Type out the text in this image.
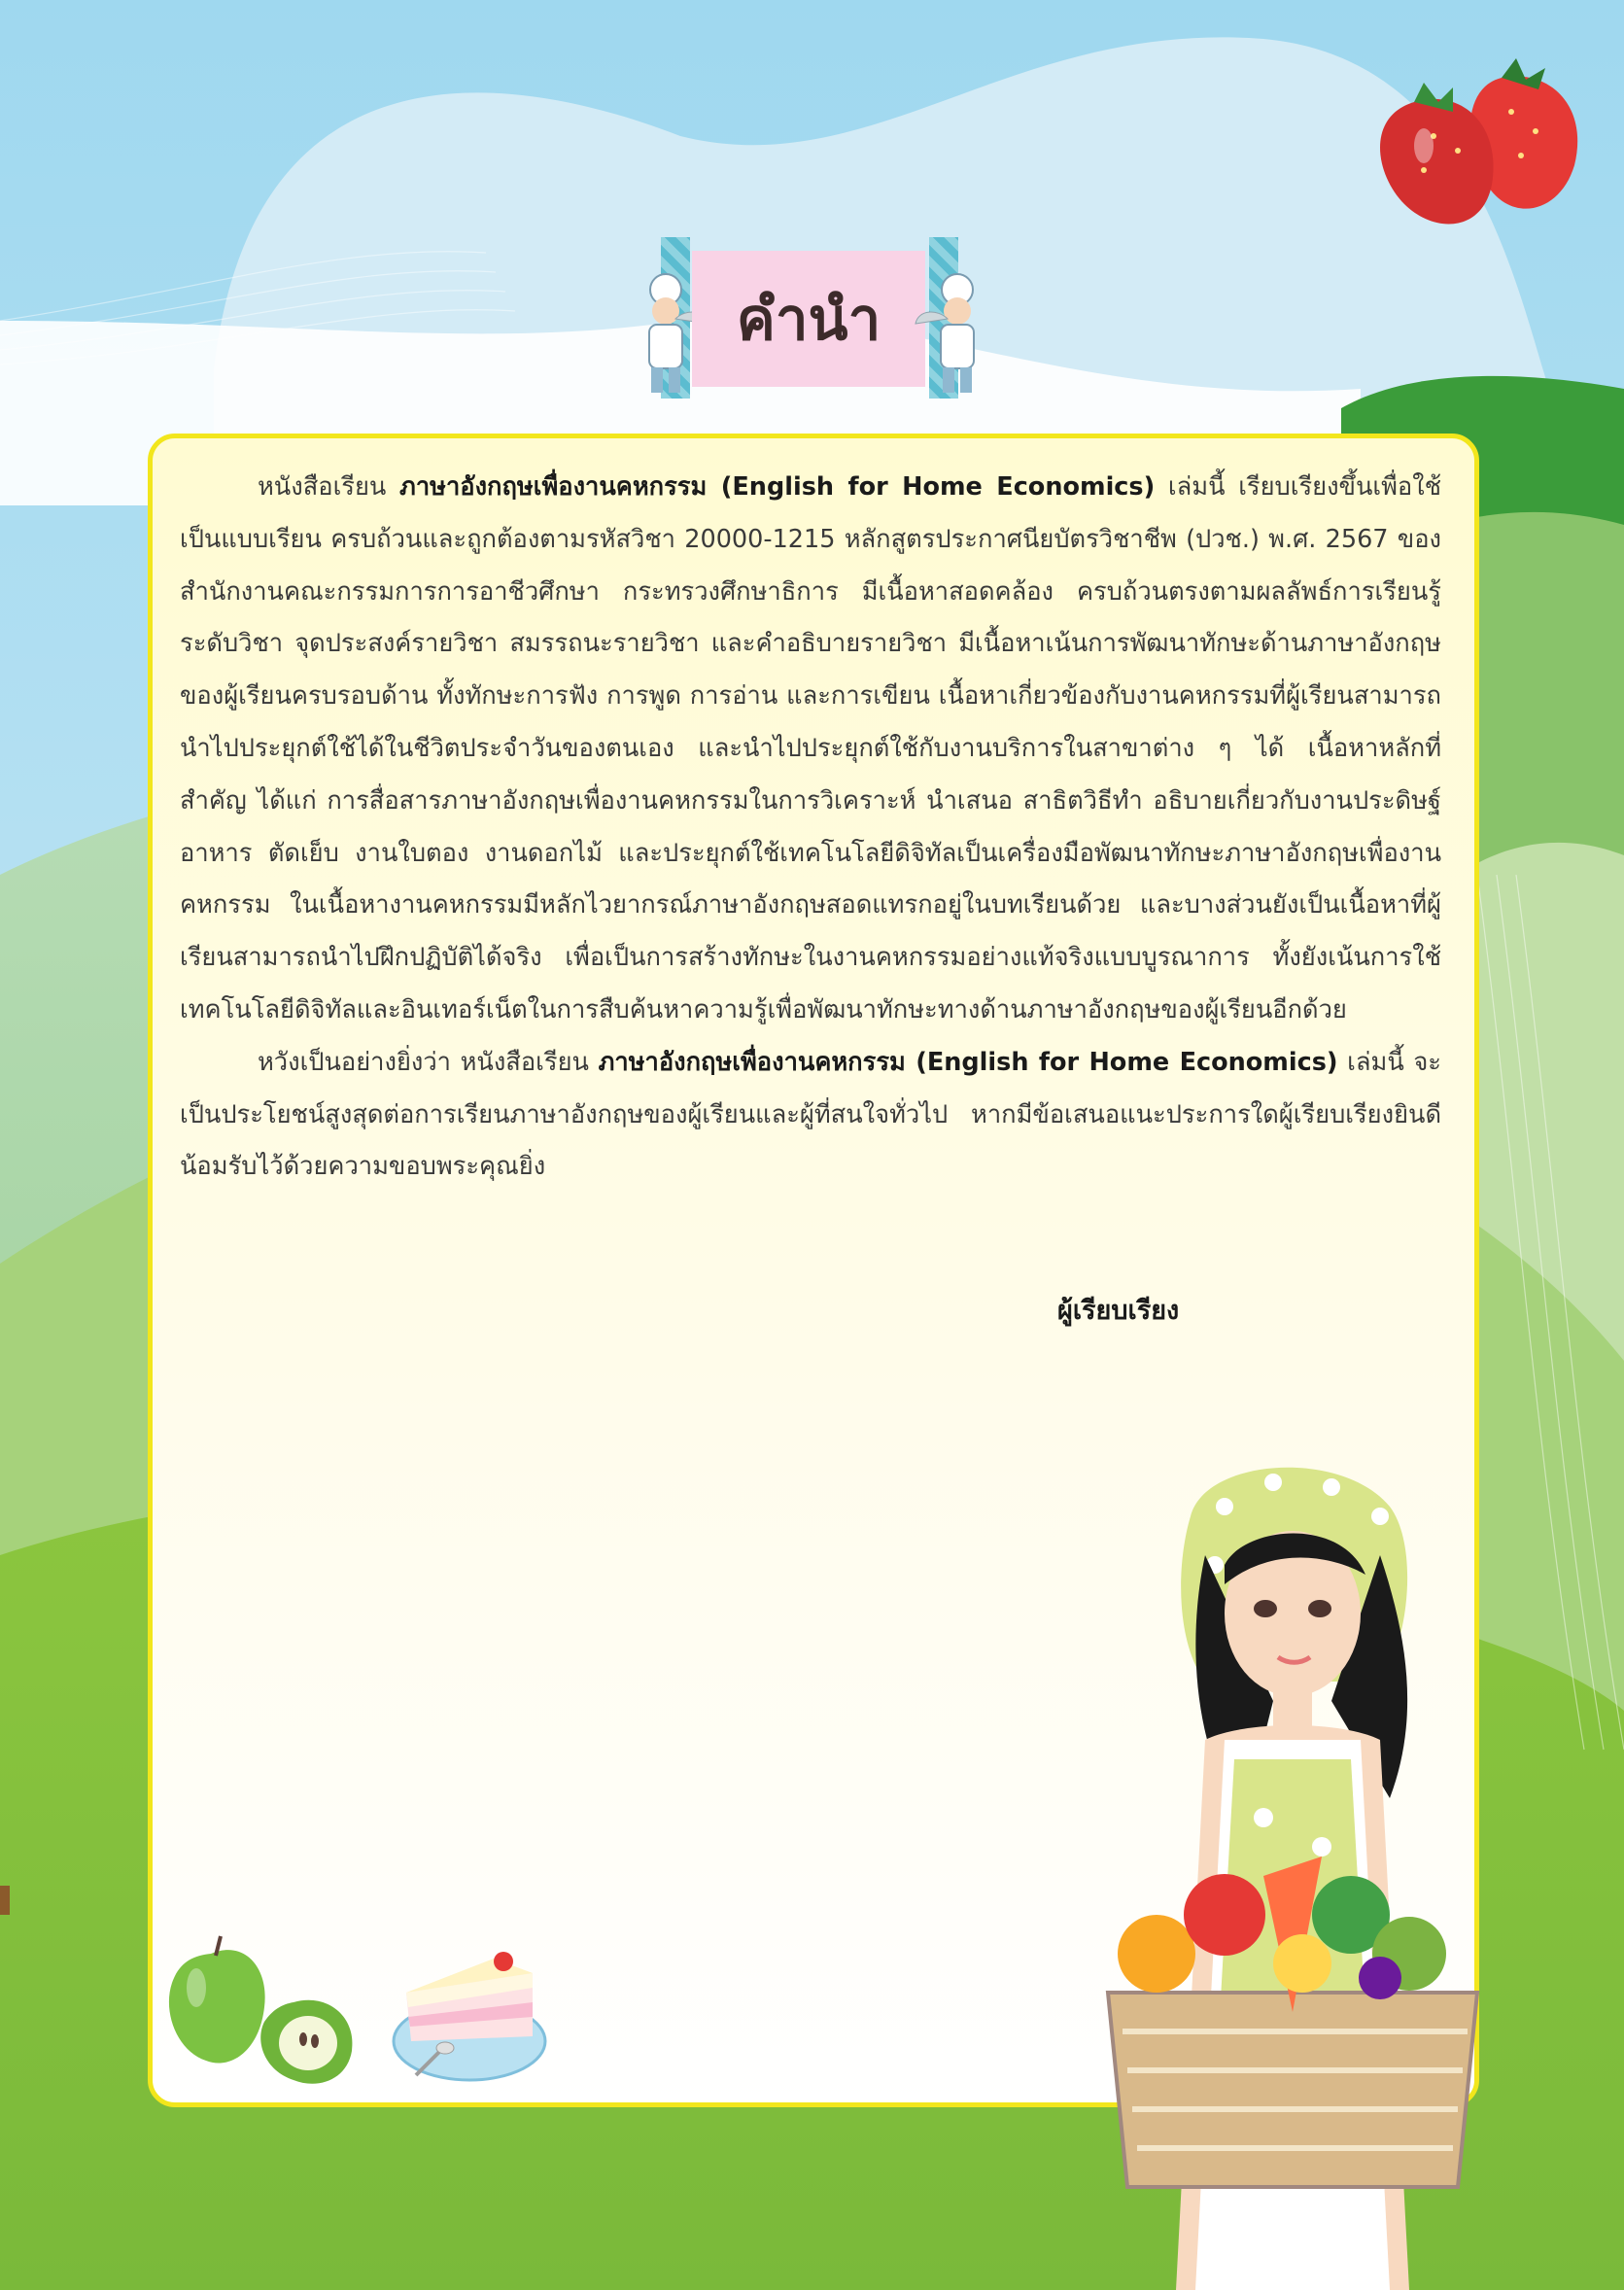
คำนำ

หนังสือเรียน ภาษาอังกฤษเพื่องานคหกรรม (English for Home Economics) เล่มนี้ เรียบเรียงขึ้นเพื่อใช้เป็นแบบเรียน ครบถ้วนและถูกต้องตามรหัสวิชา 20000-1215 หลักสูตรประกาศนียบัตรวิชาชีพ (ปวช.) พ.ศ. 2567 ของสำนักงานคณะกรรมการการอาชีวศึกษา กระทรวงศึกษาธิการ มีเนื้อหาสอดคล้อง ครบถ้วนตรงตามผลลัพธ์การเรียนรู้ระดับวิชา จุดประสงค์รายวิชา สมรรถนะรายวิชา และคำอธิบายรายวิชา มีเนื้อหาเน้นการพัฒนาทักษะด้านภาษาอังกฤษของผู้เรียนครบรอบด้าน ทั้งทักษะการฟัง การพูด การอ่าน และการเขียน เนื้อหาเกี่ยวข้องกับงานคหกรรมที่ผู้เรียนสามารถนำไปประยุกต์ใช้ได้ในชีวิตประจำวันของตนเอง และนำไปประยุกต์ใช้กับงานบริการในสาขาต่าง ๆ ได้ เนื้อหาหลักที่สำคัญ ได้แก่ การสื่อสารภาษาอังกฤษเพื่องานคหกรรมในการวิเคราะห์ นำเสนอ สาธิตวิธีทำ อธิบายเกี่ยวกับงานประดิษฐ์ อาหาร ตัดเย็บ งานใบตอง งานดอกไม้ และประยุกต์ใช้เทคโนโลยีดิจิทัลเป็นเครื่องมือพัฒนาทักษะภาษาอังกฤษเพื่องานคหกรรม ในเนื้อหางานคหกรรมมีหลักไวยากรณ์ภาษาอังกฤษสอดแทรกอยู่ในบทเรียนด้วย และบางส่วนยังเป็นเนื้อหาที่ผู้เรียนสามารถนำไปฝึกปฏิบัติได้จริง เพื่อเป็นการสร้างทักษะในงานคหกรรมอย่างแท้จริงแบบบูรณาการ ทั้งยังเน้นการใช้เทคโนโลยีดิจิทัลและอินเทอร์เน็ตในการสืบค้นหาความรู้เพื่อพัฒนาทักษะทางด้านภาษาอังกฤษของผู้เรียนอีกด้วย

หวังเป็นอย่างยิ่งว่า หนังสือเรียน ภาษาอังกฤษเพื่องานคหกรรม (English for Home Economics) เล่มนี้ จะเป็นประโยชน์สูงสุดต่อการเรียนภาษาอังกฤษของผู้เรียนและผู้ที่สนใจทั่วไป หากมีข้อเสนอแนะประการใดผู้เรียบเรียงยินดีน้อมรับไว้ด้วยความขอบพระคุณยิ่ง

ผู้เรียบเรียง
